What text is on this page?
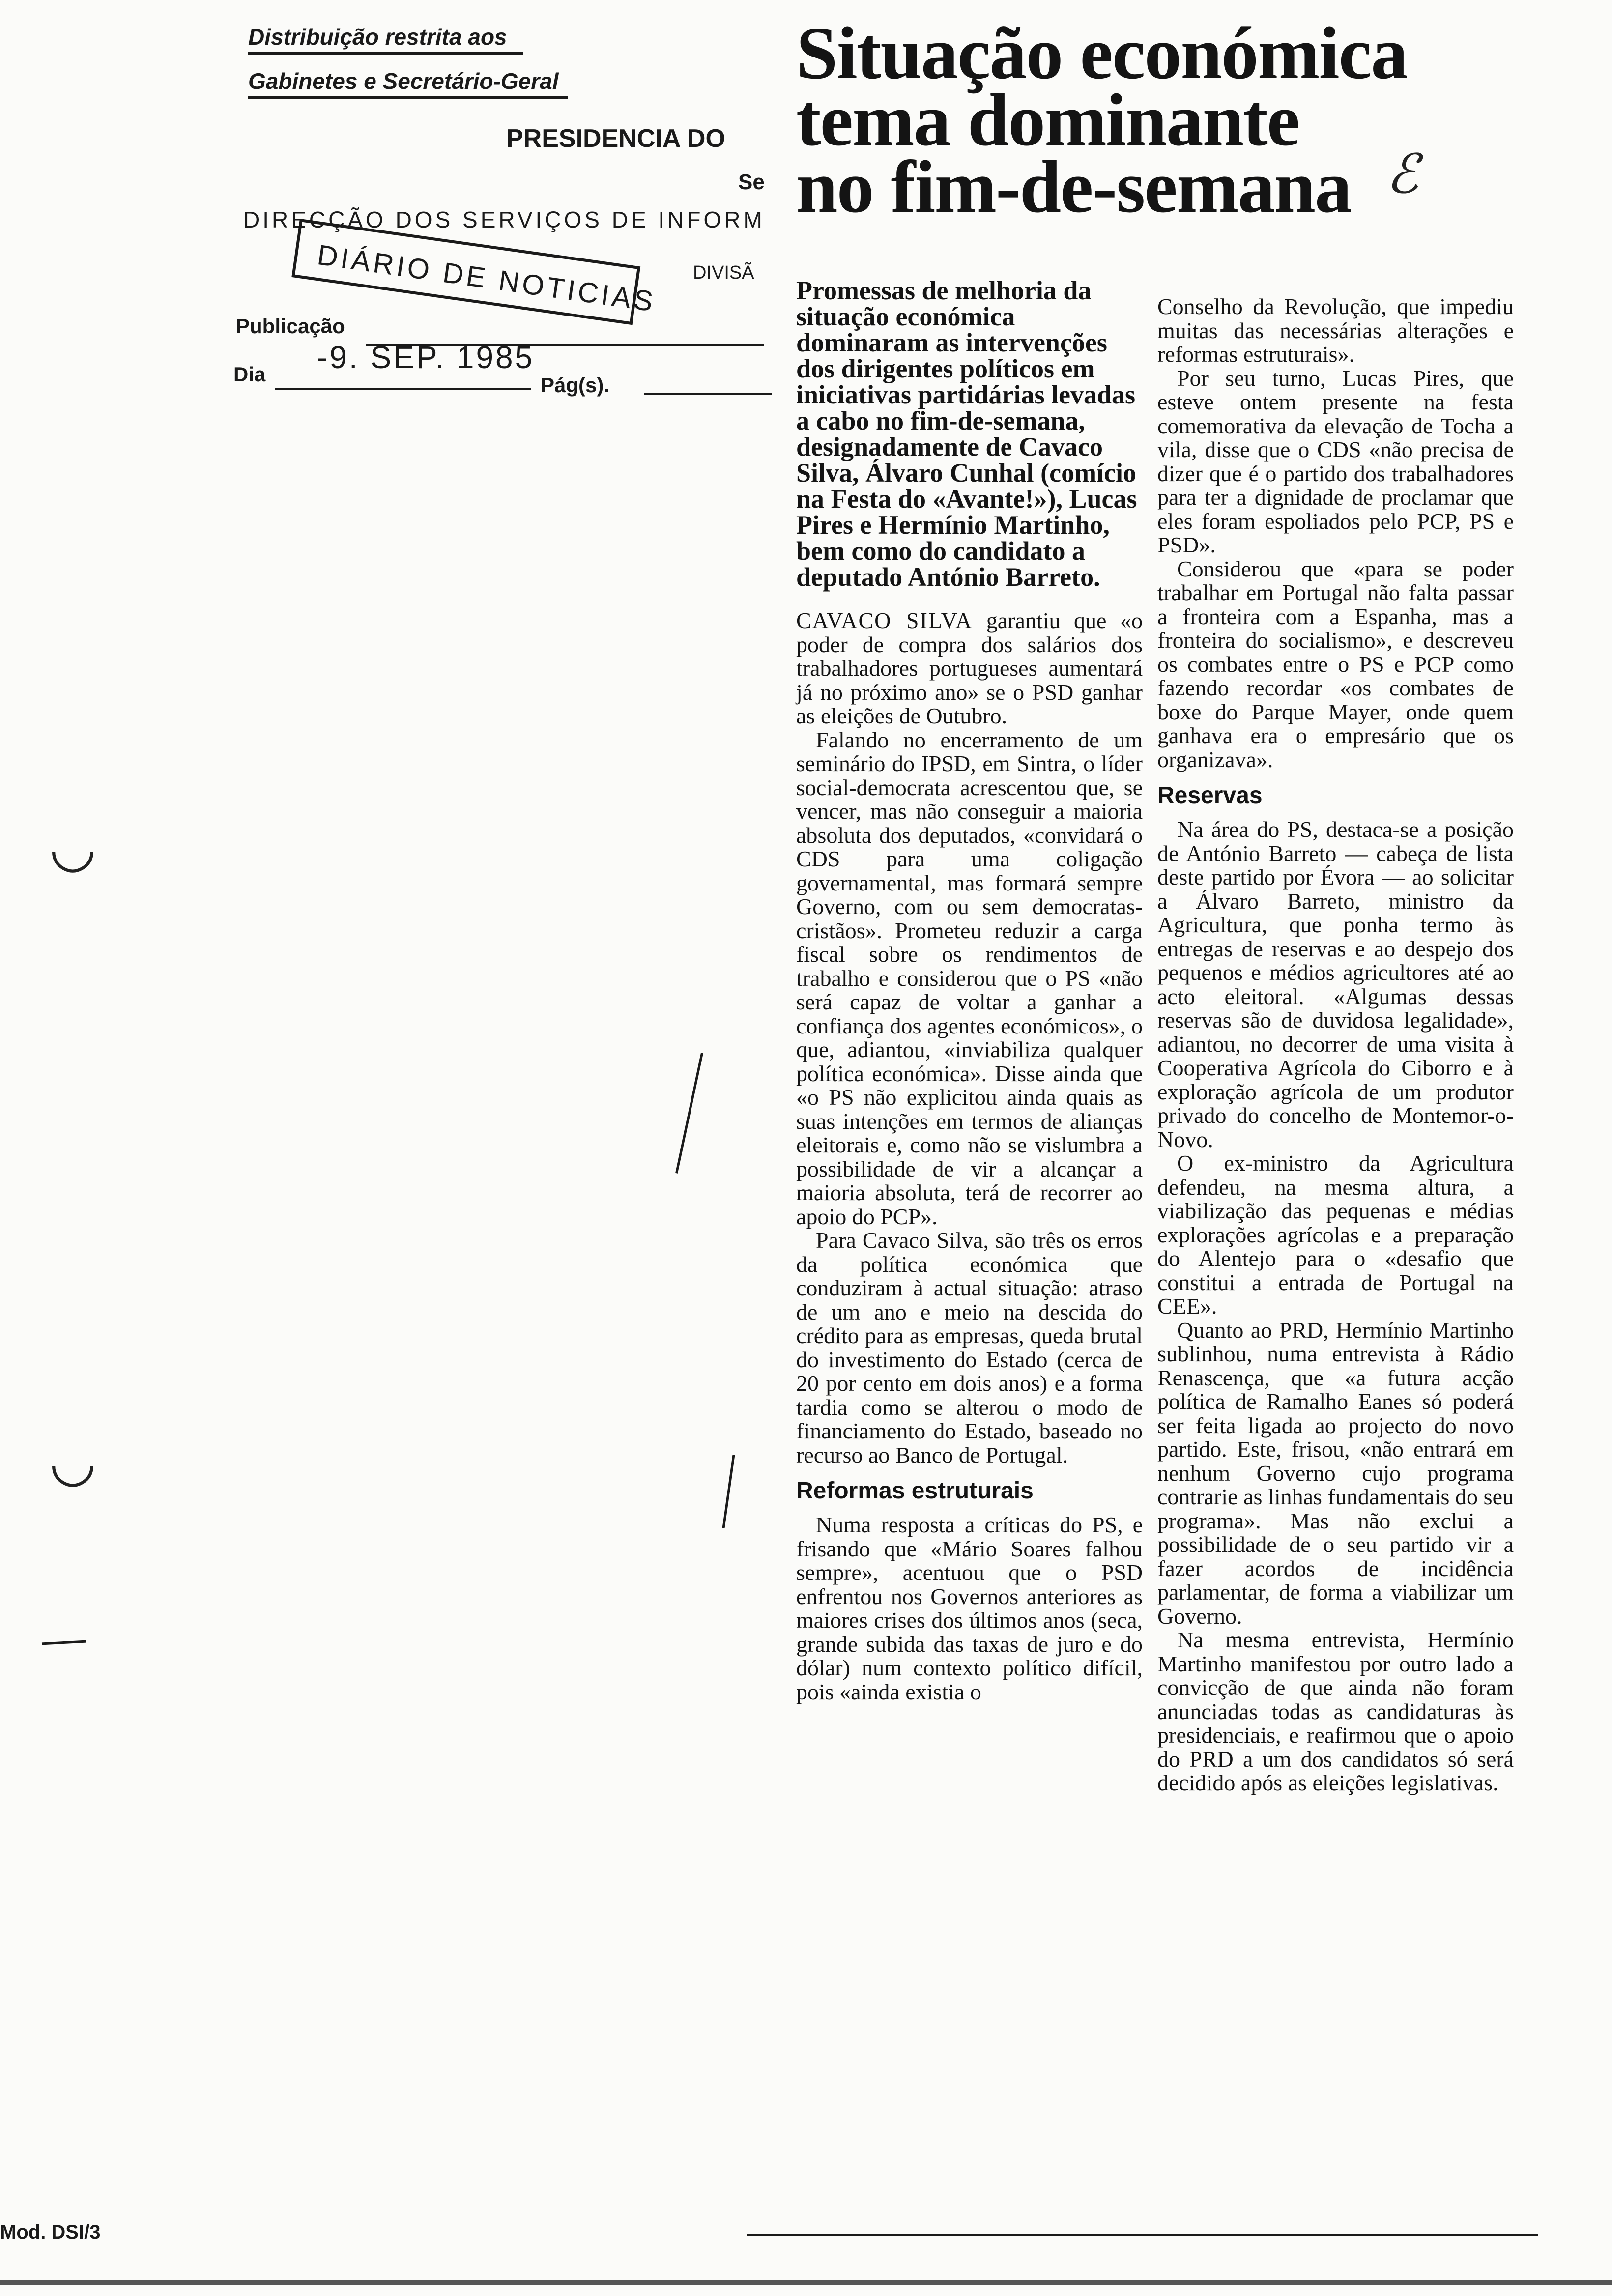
Distribuição restrita aos
Gabinetes e Secretário-Geral
PRESIDENCIA DO
Se
DIRECÇÃO DOS SERVIÇOS DE INFORM
DIVISÃ
DIÁRIO DE NOTICIAS
Publicação
-9. SEP. 1985
Dia	Pág(s).
◡
◡
Mod. DSI/3
Situação económica
tema dominante
no fim-de-semana ℰ

Promessas de melhoria da situação económica dominaram as intervenções dos dirigentes políticos em iniciativas partidárias levadas a cabo no fim-de-semana, designadamente de Cavaco Silva, Álvaro Cunhal (comício na Festa do «Avante!»), Lucas Pires e Hermínio Martinho, bem como do candidato a deputado António Barreto.

CAVACO SILVA garantiu que «o poder de compra dos salários dos trabalhadores portugueses aumentará já no próximo ano» se o PSD ganhar as eleições de Outubro.

Falando no encerramento de um seminário do IPSD, em Sintra, o líder social-democrata acrescentou que, se vencer, mas não conseguir a maioria absoluta dos deputados, «convidará o CDS para uma coligação governamental, mas formará sempre Governo, com ou sem democratas-cristãos». Prometeu reduzir a carga fiscal sobre os rendimentos de trabalho e considerou que o PS «não será capaz de voltar a ganhar a confiança dos agentes económicos», o que, adiantou, «inviabiliza qualquer política económica». Disse ainda que «o PS não explicitou ainda quais as suas intenções em termos de alianças eleitorais e, como não se vislumbra a possibilidade de vir a alcançar a maioria absoluta, terá de recorrer ao apoio do PCP».

Para Cavaco Silva, são três os erros da política económica que conduziram à actual situação: atraso de um ano e meio na descida do crédito para as empresas, queda brutal do investimento do Estado (cerca de 20 por cento em dois anos) e a forma tardia como se alterou o modo de financiamento do Estado, baseado no recurso ao Banco de Portugal.

Reformas estruturais

Numa resposta a críticas do PS, e frisando que «Mário Soares falhou sempre», acentuou que o PSD enfrentou nos Governos anteriores as maiores crises dos últimos anos (seca, grande subida das taxas de juro e do dólar) num contexto político difícil, pois «ainda existia o

Conselho da Revolução, que impediu muitas das necessárias alterações e reformas estruturais».

Por seu turno, Lucas Pires, que esteve ontem presente na festa comemorativa da elevação de Tocha a vila, disse que o CDS «não precisa de dizer que é o partido dos trabalhadores para ter a dignidade de proclamar que eles foram espoliados pelo PCP, PS e PSD».

Considerou que «para se poder trabalhar em Portugal não falta passar a fronteira com a Espanha, mas a fronteira do socialismo», e descreveu os combates entre o PS e PCP como fazendo recordar «os combates de boxe do Parque Mayer, onde quem ganhava era o empresário que os organizava».

Reservas

Na área do PS, destaca-se a posição de António Barreto — cabeça de lista deste partido por Évora — ao solicitar a Álvaro Barreto, ministro da Agricultura, que ponha termo às entregas de reservas e ao despejo dos pequenos e médios agricultores até ao acto eleitoral. «Algumas dessas reservas são de duvidosa legalidade», adiantou, no decorrer de uma visita à Cooperativa Agrícola do Ciborro e à exploração agrícola de um produtor privado do concelho de Montemor-o-Novo.

O ex-ministro da Agricultura defendeu, na mesma altura, a viabilização das pequenas e médias explorações agrícolas e a preparação do Alentejo para o «desafio que constitui a entrada de Portugal na CEE».

Quanto ao PRD, Hermínio Martinho sublinhou, numa entrevista à Rádio Renascença, que «a futura acção política de Ramalho Eanes só poderá ser feita ligada ao projecto do novo partido. Este, frisou, «não entrará em nenhum Governo cujo programa contrarie as linhas fundamentais do seu programa». Mas não exclui a possibilidade de o seu partido vir a fazer acordos de incidência parlamentar, de forma a viabilizar um Governo.

Na mesma entrevista, Hermínio Martinho manifestou por outro lado a convicção de que ainda não foram anunciadas todas as candidaturas às presidenciais, e reafirmou que o apoio do PRD a um dos candidatos só será decidido após as eleições legislativas.
